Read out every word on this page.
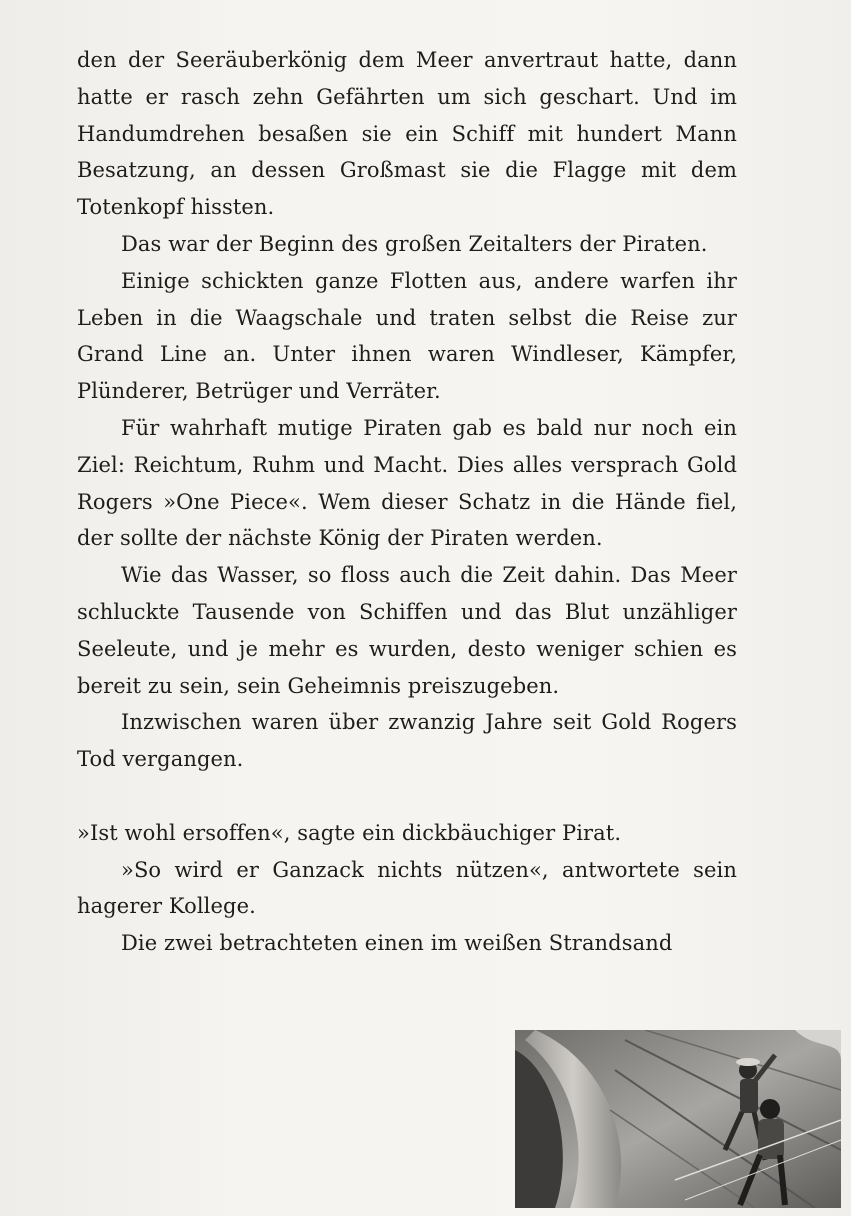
den der Seeräuberkönig dem Meer anvertraut hatte, dann hatte er rasch zehn Gefährten um sich geschart. Und im Handumdrehen besaßen sie ein Schiff mit hundert Mann Besatzung, an dessen Großmast sie die Flagge mit dem Totenkopf hissten.

Das war der Beginn des großen Zeitalters der Piraten.

Einige schickten ganze Flotten aus, andere warfen ihr Leben in die Waagschale und traten selbst die Reise zur Grand Line an. Unter ihnen waren Windleser, Kämpfer, Plünderer, Betrüger und Verräter.

Für wahrhaft mutige Piraten gab es bald nur noch ein Ziel: Reichtum, Ruhm und Macht. Dies alles versprach Gold Rogers »One Piece«. Wem dieser Schatz in die Hände fiel, der sollte der nächste König der Piraten werden.

Wie das Wasser, so floss auch die Zeit dahin. Das Meer schluckte Tausende von Schiffen und das Blut unzähliger Seeleute, und je mehr es wurden, desto weniger schien es bereit zu sein, sein Geheimnis preiszugeben.

Inzwischen waren über zwanzig Jahre seit Gold Rogers Tod vergangen.

»Ist wohl ersoffen«, sagte ein dickbäuchiger Pirat.

»So wird er Ganzack nichts nützen«, antwortete sein hagerer Kollege.

Die zwei betrachteten einen im weißen Strandsand
